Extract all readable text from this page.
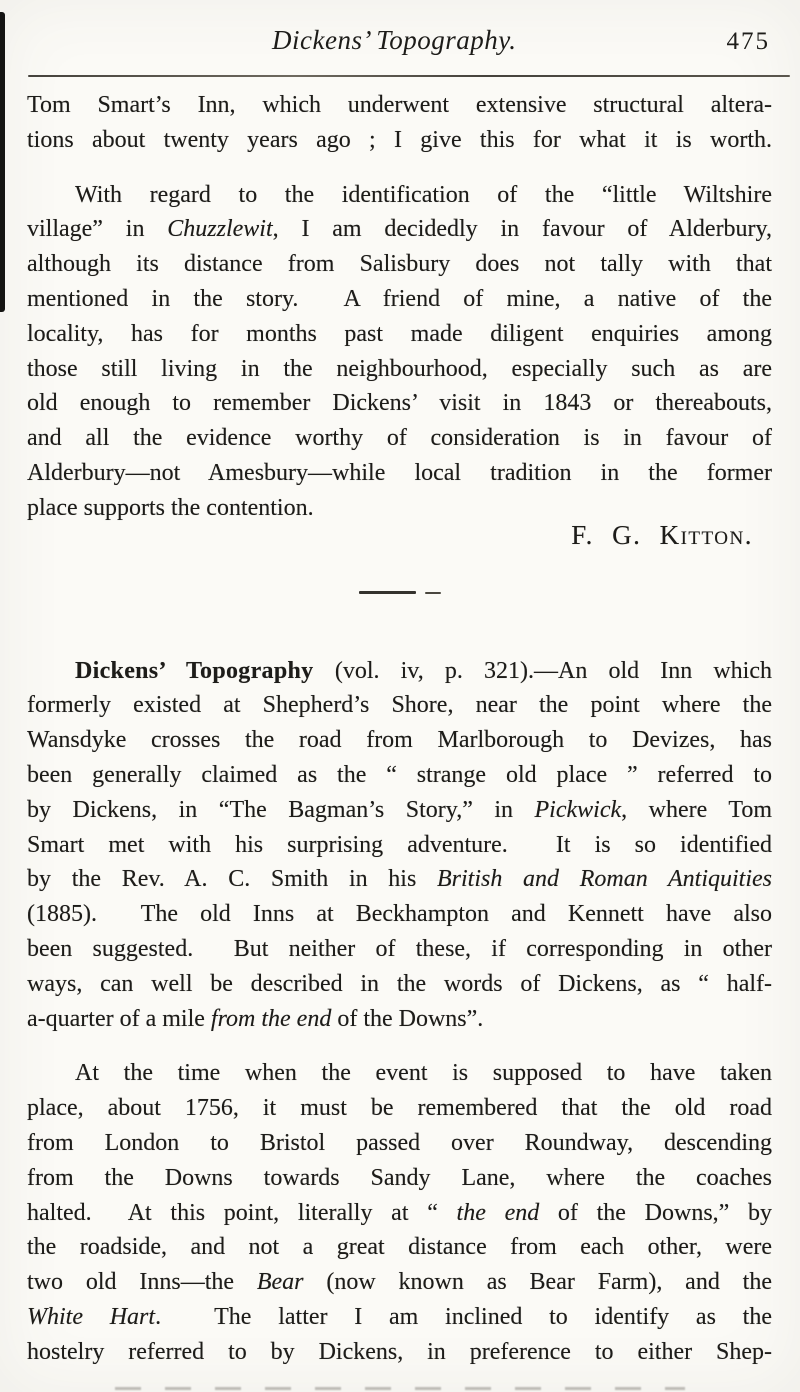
Dickens’ Topography.	475
Tom Smart’s Inn, which underwent extensive structural altera-
tions about twenty years ago ; I give this for what it is worth.
With regard to the identification of the “little Wiltshire
village” in Chuzzlewit, I am decidedly in favour of Alderbury,
although its distance from Salisbury does not tally with that
mentioned in the story.  A friend of mine, a native of the
locality, has for months past made diligent enquiries among
those still living in the neighbourhood, especially such as are
old enough to remember Dickens’ visit in 1843 or thereabouts,
and all the evidence worthy of consideration is in favour of
Alderbury—not Amesbury—while local tradition in the former
place supports the contention.
F. G. Kitton.
Dickens’ Topography (vol. iv, p. 321).—An old Inn which
formerly existed at Shepherd’s Shore, near the point where the
Wansdyke crosses the road from Marlborough to Devizes, has
been generally claimed as the “ strange old place ” referred to
by Dickens, in “The Bagman’s Story,” in Pickwick, where Tom
Smart met with his surprising adventure.  It is so identified
by the Rev. A. C. Smith in his British and Roman Antiquities
(1885).  The old Inns at Beckhampton and Kennett have also
been suggested.  But neither of these, if corresponding in other
ways, can well be described in the words of Dickens, as “ half-
a-quarter of a mile from the end of the Downs”.
At the time when the event is supposed to have taken
place, about 1756, it must be remembered that the old road
from London to Bristol passed over Roundway, descending
from the Downs towards Sandy Lane, where the coaches
halted.  At this point, literally at “ the end of the Downs,” by
the roadside, and not a great distance from each other, were
two old Inns—the Bear (now known as Bear Farm), and the
White Hart.  The latter I am inclined to identify as the
hostelry referred to by Dickens, in preference to either Shep-
